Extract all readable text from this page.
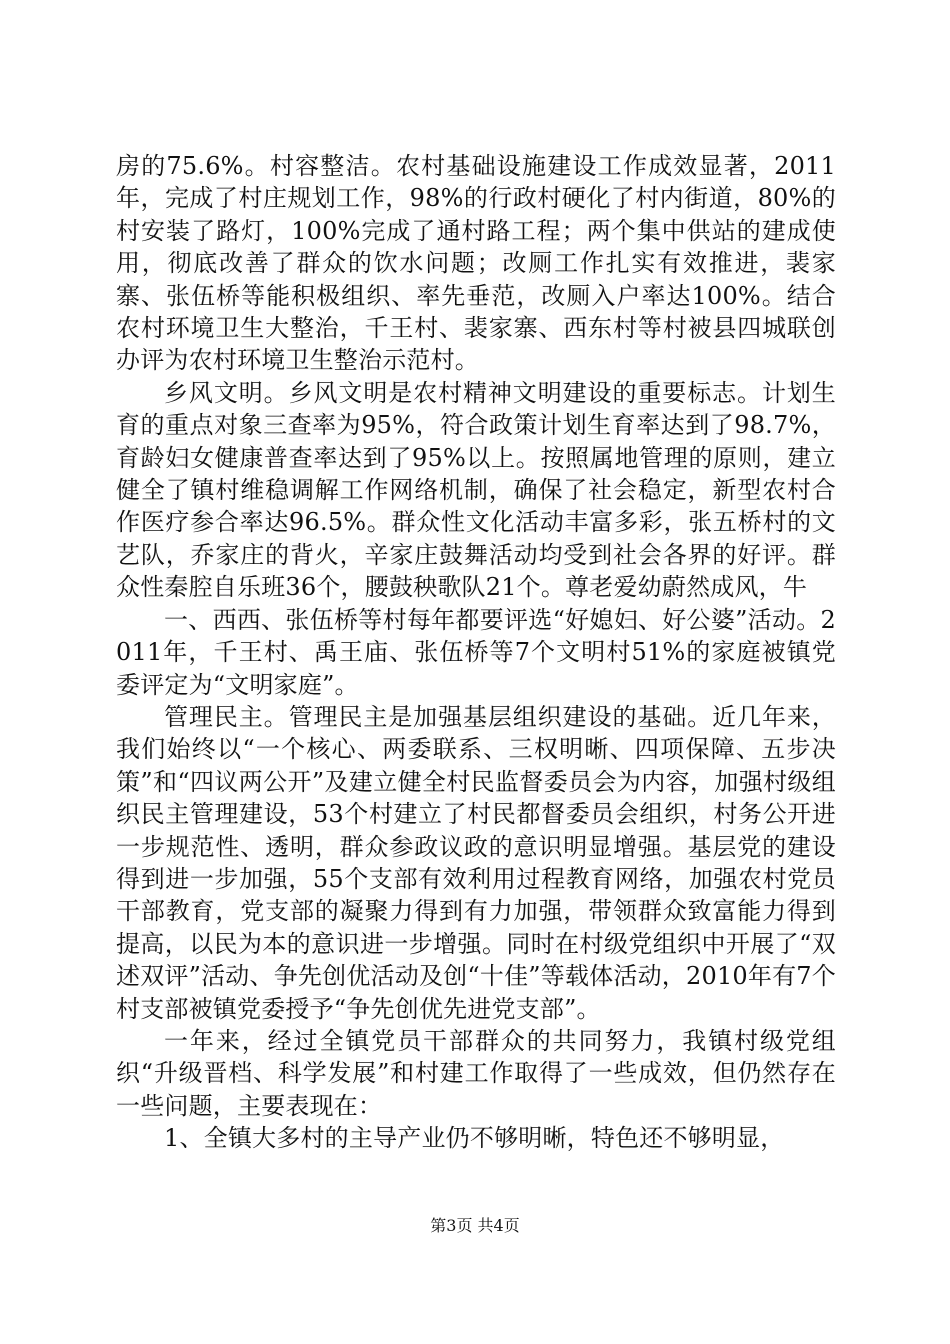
房的75.6%。村容整洁。农村基础设施建设工作成效显著，2011年，完成了村庄规划工作，98%的行政村硬化了村内街道，80%的村安装了路灯，100%完成了通村路工程；两个集中供站的建成使用，彻底改善了群众的饮水问题；改厕工作扎实有效推进，裴家寨、张伍桥等能积极组织、率先垂范，改厕入户率达100%。结合农村环境卫生大整治，千王村、裴家寨、西东村等村被县四城联创办评为农村环境卫生整治示范村。

乡风文明。乡风文明是农村精神文明建设的重要标志。计划生育的重点对象三查率为95%，符合政策计划生育率达到了98.7%，育龄妇女健康普查率达到了95%以上。按照属地管理的原则，建立健全了镇村维稳调解工作网络机制，确保了社会稳定，新型农村合作医疗参合率达96.5%。群众性文化活动丰富多彩，张五桥村的文艺队，乔家庄的背火，辛家庄鼓舞活动均受到社会各界的好评。群众性秦腔自乐班36个，腰鼓秧歌队21个。尊老爱幼蔚然成风，牛

一、西西、张伍桥等村每年都要评选“好媳妇、好公婆”活动。2011年，千王村、禹王庙、张伍桥等7个文明村51%的家庭被镇党委评定为“文明家庭”。

管理民主。管理民主是加强基层组织建设的基础。近几年来，我们始终以“一个核心、两委联系、三权明晰、四项保障、五步决策”和“四议两公开”及建立健全村民监督委员会为内容，加强村级组织民主管理建设，53个村建立了村民都督委员会组织，村务公开进一步规范性、透明，群众参政议政的意识明显增强。基层党的建设得到进一步加强，55个支部有效利用过程教育网络，加强农村党员干部教育，党支部的凝聚力得到有力加强，带领群众致富能力得到提高，以民为本的意识进一步增强。同时在村级党组织中开展了“双述双评”活动、争先创优活动及创“十佳”等载体活动，2010年有7个村支部被镇党委授予“争先创优先进党支部”。

一年来，经过全镇党员干部群众的共同努力，我镇村级党组织“升级晋档、科学发展”和村建工作取得了一些成效，但仍然存在一些问题，主要表现在：

1、全镇大多村的主导产业仍不够明晰，特色还不够明显，

第3页 共4页
